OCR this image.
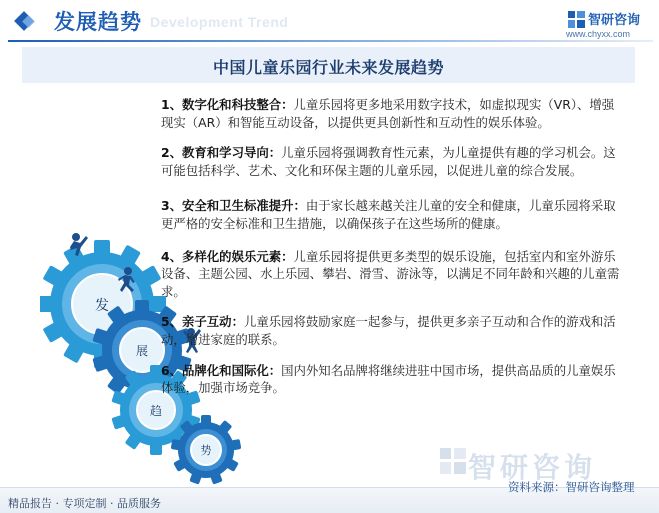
Development Trend
发展趋势	智研咨询
www.chyxx.com
中国儿童乐园行业未来发展趋势
发
展
趋
势
1、数字化和科技整合：儿童乐园将更多地采用数字技术，如虚拟现实（VR）、增强现实（AR）和智能互动设备，以提供更具创新性和互动性的娱乐体验。
2、教育和学习导向：儿童乐园将强调教育性元素，为儿童提供有趣的学习机会。这可能包括科学、艺术、文化和环保主题的儿童乐园，以促进儿童的综合发展。
3、安全和卫生标准提升：由于家长越来越关注儿童的安全和健康，儿童乐园将采取更严格的安全标准和卫生措施，以确保孩子在这些场所的健康。
4、多样化的娱乐元素：儿童乐园将提供更多类型的娱乐设施，包括室内和室外游乐设备、主题公园、水上乐园、攀岩、滑雪、游泳等，以满足不同年龄和兴趣的儿童需求。
5、亲子互动：儿童乐园将鼓励家庭一起参与，提供更多亲子互动和合作的游戏和活动，增进家庭的联系。
6、品牌化和国际化：国内外知名品牌将继续进驻中国市场，提供高品质的儿童娱乐体验，加强市场竞争。
智研咨询
资料来源：智研咨询整理
精品报告 · 专项定制 · 品质服务
